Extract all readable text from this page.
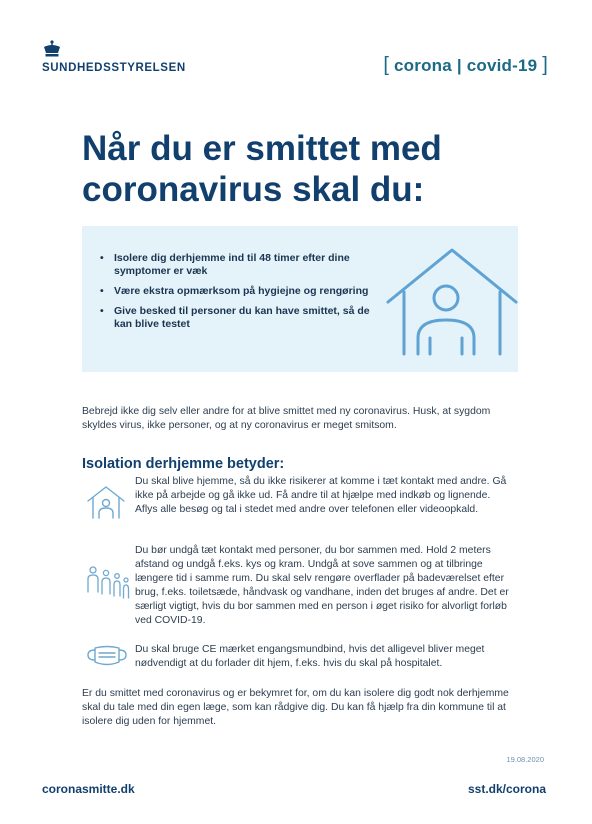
SUNDHEDSSTYRELSEN	[ corona | covid-19 ]
Når du er smittet med coronavirus skal du:
• Isolere dig derhjemme ind til 48 timer efter dine symptomer er væk
• Være ekstra opmærksom på hygiejne og rengøring
• Give besked til personer du kan have smittet, så de kan blive testet

Bebrejd ikke dig selv eller andre for at blive smittet med ny coronavirus. Husk, at sygdom skyldes virus, ikke personer, og at ny coronavirus er meget smitsom.

Isolation derhjemme betyder:

Du skal blive hjemme, så du ikke risikerer at komme i tæt kontakt med andre. Gå ikke på arbejde og gå ikke ud. Få andre til at hjælpe med indkøb og lignende. Aflys alle besøg og tal i stedet med andre over telefonen eller videoopkald.

Du bør undgå tæt kontakt med personer, du bor sammen med. Hold 2 meters afstand og undgå f.eks. kys og kram. Undgå at sove sammen og at tilbringe længere tid i samme rum. Du skal selv rengøre overflader på badeværelset efter brug, f.eks. toiletsæde, håndvask og vandhane, inden det bruges af andre. Det er særligt vigtigt, hvis du bor sammen med en person i øget risiko for alvorligt forløb ved COVID-19.

Du skal bruge CE mærket engangsmundbind, hvis det alligevel bliver meget nødvendigt at du forlader dit hjem, f.eks. hvis du skal på hospitalet.

Er du smittet med coronavirus og er bekymret for, om du kan isolere dig godt nok derhjemme skal du tale med din egen læge, som kan rådgive dig. Du kan få hjælp fra din kommune til at isolere dig uden for hjemmet.

19.08.2020
coronasmitte.dk	sst.dk/corona
